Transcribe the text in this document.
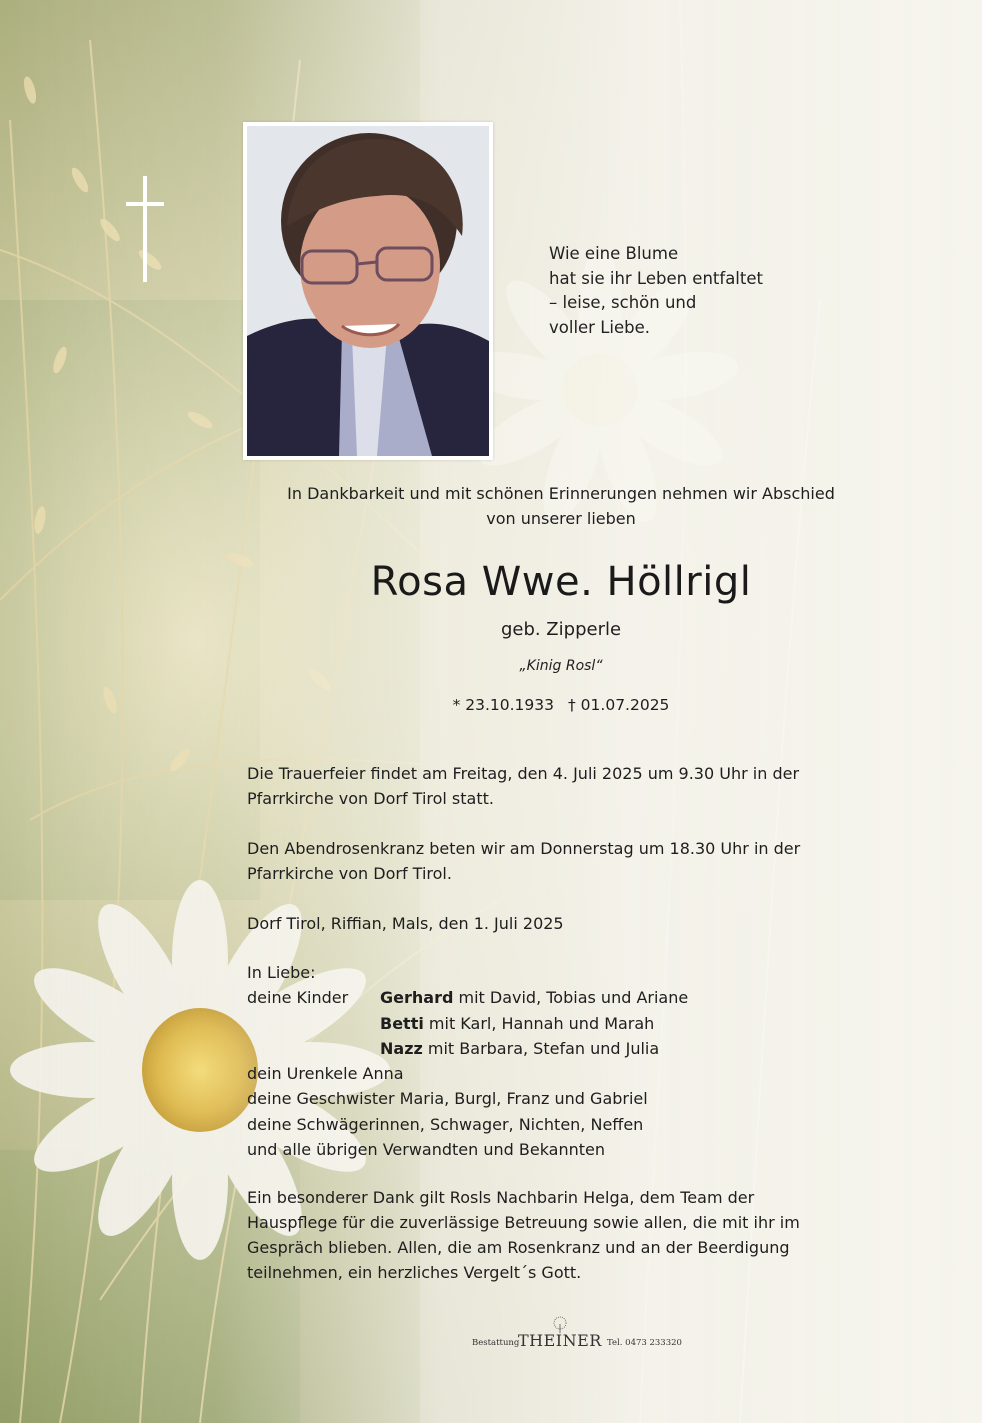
Wie eine Blume
hat sie ihr Leben entfaltet
– leise, schön und
voller Liebe.
In Dankbarkeit und mit schönen Erinnerungen nehmen wir Abschied
von unserer lieben
Rosa Wwe. Höllrigl
geb. Zipperle
„Kinig Rosl“
* 23.10.1933 † 01.07.2025
Die Trauerfeier findet am Freitag, den 4. Juli 2025 um 9.30 Uhr in der
Pfarrkirche von Dorf Tirol statt.
Den Abendrosenkranz beten wir am Donnerstag um 18.30 Uhr in der
Pfarrkirche von Dorf Tirol.
Dorf Tirol, Riffian, Mals, den 1. Juli 2025
In Liebe:
deine Kinder	Gerhard mit David, Tobias und Ariane
Betti mit Karl, Hannah und Marah
Nazz mit Barbara, Stefan und Julia
dein Urenkele Anna
deine Geschwister Maria, Burgl, Franz und Gabriel
deine Schwägerinnen, Schwager, Nichten, Neffen
und alle übrigen Verwandten und Bekannten
Ein besonderer Dank gilt Rosls Nachbarin Helga, dem Team der
Hauspflege für die zuverlässige Betreuung sowie allen, die mit ihr im
Gespräch blieben. Allen, die am Rosenkranz und an der Beerdigung
teilnehmen, ein herzliches Vergelt´s Gott.
Bestattung
THEINER Tel. 0473 233320
